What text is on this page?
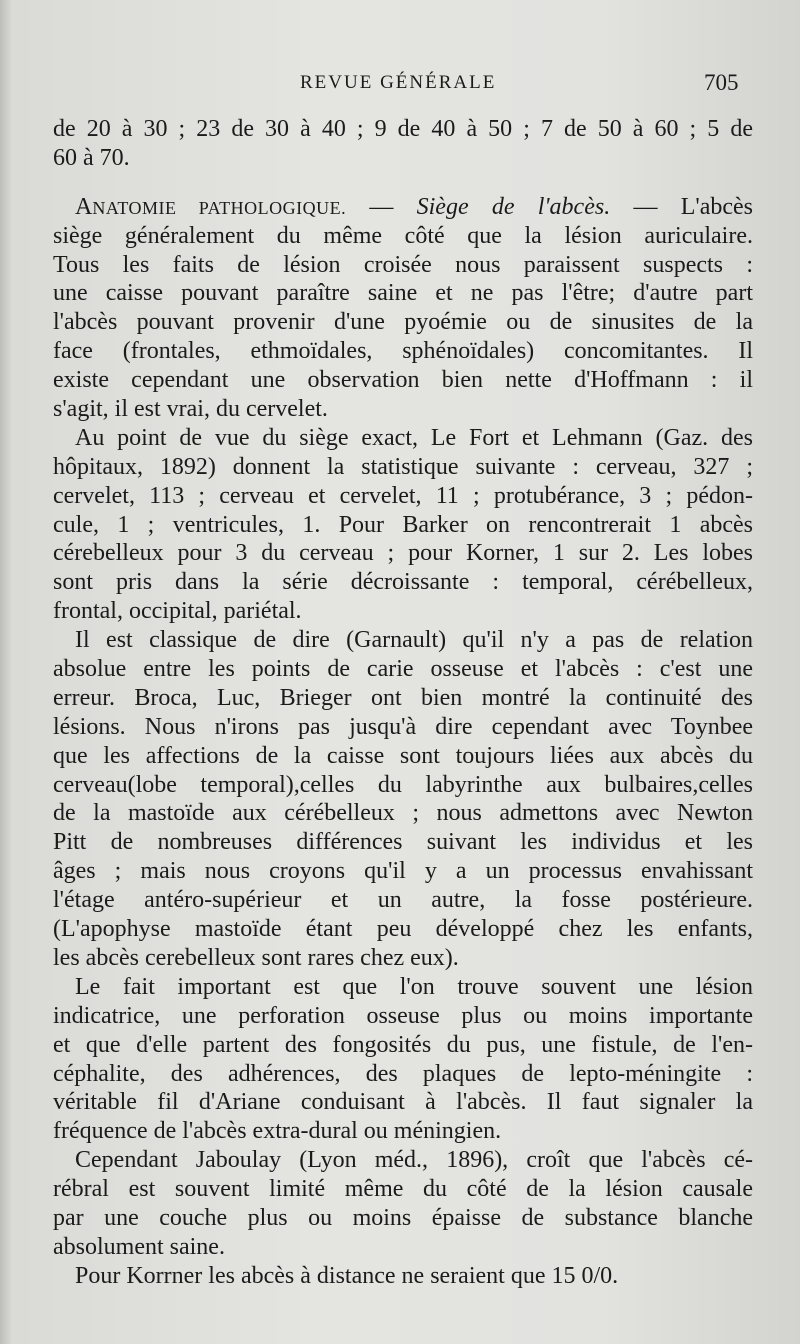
REVUE GÉNÉRALE	705
de 20 à 30 ; 23 de 30 à 40 ; 9 de 40 à 50 ; 7 de 50 à 60 ; 5 de
60 à 70.
ANATOMIE PATHOLOGIQUE. — Siège de l'abcès. — L'abcès
siège généralement du même côté que la lésion auriculaire.
Tous les faits de lésion croisée nous paraissent suspects :
une caisse pouvant paraître saine et ne pas l'être; d'autre part
l'abcès pouvant provenir d'une pyoémie ou de sinusites de la
face (frontales, ethmoïdales, sphénoïdales) concomitantes. Il
existe cependant une observation bien nette d'Hoffmann : il
s'agit, il est vrai, du cervelet.
Au point de vue du siège exact, Le Fort et Lehmann (Gaz. des
hôpitaux, 1892) donnent la statistique suivante : cerveau, 327 ;
cervelet, 113 ; cerveau et cervelet, 11 ; protubérance, 3 ; pédon-
cule, 1 ; ventricules, 1. Pour Barker on rencontrerait 1 abcès
cérebelleux pour 3 du cerveau ; pour Korner, 1 sur 2. Les lobes
sont pris dans la série décroissante : temporal, cérébelleux,
frontal, occipital, pariétal.
Il est classique de dire (Garnault) qu'il n'y a pas de relation
absolue entre les points de carie osseuse et l'abcès : c'est une
erreur. Broca, Luc, Brieger ont bien montré la continuité des
lésions. Nous n'irons pas jusqu'à dire cependant avec Toynbee
que les affections de la caisse sont toujours liées aux abcès du
cerveau(lobe temporal),celles du labyrinthe aux bulbaires,celles
de la mastoïde aux cérébelleux ; nous admettons avec Newton
Pitt de nombreuses différences suivant les individus et les
âges ; mais nous croyons qu'il y a un processus envahissant
l'étage antéro-supérieur et un autre, la fosse postérieure.
(L'apophyse mastoïde étant peu développé chez les enfants,
les abcès cerebelleux sont rares chez eux).
Le fait important est que l'on trouve souvent une lésion
indicatrice, une perforation osseuse plus ou moins importante
et que d'elle partent des fongosités du pus, une fistule, de l'en-
céphalite, des adhérences, des plaques de lepto-méningite :
véritable fil d'Ariane conduisant à l'abcès. Il faut signaler la
fréquence de l'abcès extra-dural ou méningien.
Cependant Jaboulay (Lyon méd., 1896), croît que l'abcès cé-
rébral est souvent limité même du côté de la lésion causale
par une couche plus ou moins épaisse de substance blanche
absolument saine.
Pour Korrner les abcès à distance ne seraient que 15 0/0.
